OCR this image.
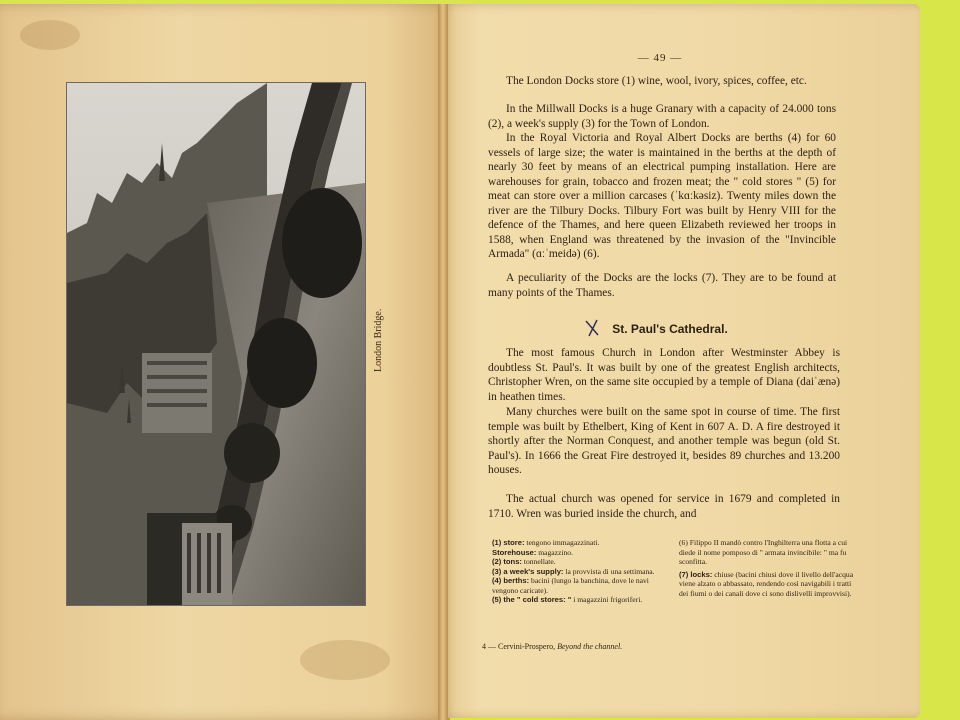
London Bridge.
— 49 —

The London Docks store (1) wine, wool, ivory, spices, coffee, etc.

In the Millwall Docks is a huge Granary with a capacity of 24.000 tons (2), a week's supply (3) for the Town of London.

In the Royal Victoria and Royal Albert Docks are berths (4) for 60 vessels of large size; the water is maintained in the berths at the depth of nearly 30 feet by means of an electrical pumping installation. Here are warehouses for grain, tobacco and frozen meat; the " cold stores " (5) for meat can store over a million carcases (ˈkɑːkəsiz). Twenty miles down the river are the Tilbury Docks. Tilbury Fort was built by Henry VIII for the defence of the Thames, and here queen Elizabeth reviewed her troops in 1588, when England was threatened by the invasion of the "Invincible Armada" (ɑːˈmeidə) (6).

A peculiarity of the Docks are the locks (7). They are to be found at many points of the Thames.

St. Paul's Cathedral.

The most famous Church in London after Westminster Abbey is doubtless St. Paul's. It was built by one of the greatest English architects, Christopher Wren, on the same site occupied by a temple of Diana (daiˈænə) in heathen times.

Many churches were built on the same spot in course of time. The first temple was built by Ethelbert, King of Kent in 607 A. D. A fire destroyed it shortly after the Norman Conquest, and another temple was begun (old St. Paul's). In 1666 the Great Fire destroyed it, besides 89 churches and 13.200 houses.

The actual church was opened for service in 1679 and completed in 1710. Wren was buried inside the church, and

(1) store: tengono immagazzinati.
Storehouse: magazzino.
(2) tons: tonnellate.
(3) a week's supply: la provvista di una settimana.
(4) berths: bacini (lungo la banchina, dove le navi vengono caricate).
(5) the " cold stores: " i magazzini frigoriferi.
(6) Filippo II mandò contro l'Inghilterra una flotta a cui diede il nome pomposo di " armata invincibile: " ma fu sconfitta.
(7) locks: chiuse (bacini chiusi dove il livello dell'acqua viene alzato o abbassato, rendendo così navigabili i tratti dei fiumi o dei canali dove ci sono dislivelli improvvisi).
4 — Cervini-Prospero, Beyond the channel.
